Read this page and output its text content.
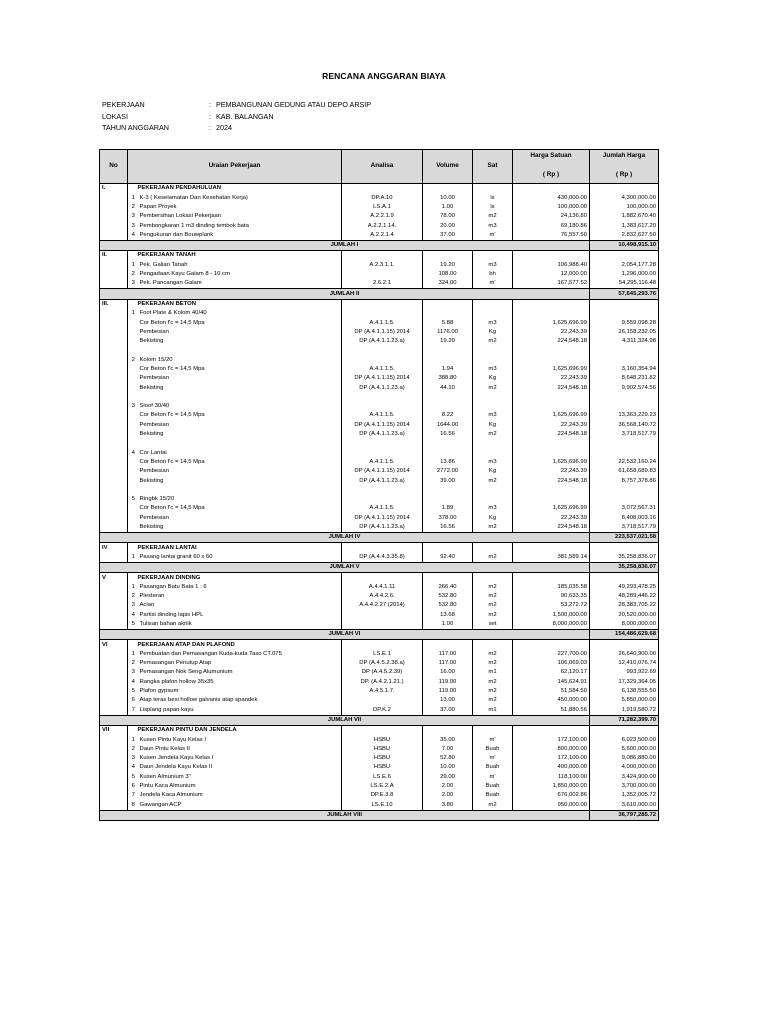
RENCANA ANGGARAN BIAYA
PEKERJAAN	: PEMBANGUNAN GEDUNG ATAU DEPO ARSIP
LOKASI	: KAB. BALANGAN
TAHUN ANGGARAN	: 2024
No	Uraian Pekerjaan		Analisa	Volume	Sat	Harga Satuan
( Rp )	Jumlah Harga
( Rp )

I.		PEKERJAAN PENDAHULUAN					
	1	K-3 ( Keselamatan Dan Kesehatan Kerja)	DP.A.10	10.00	ls	430,000.00	4,300,000.00
	2	Papan Proyek	LS.A.1	1.00	ls	100,000.00	100,000.00
	3	Pembersihan Lokasi Pekerjaan	A.2.2.1.9	78.00	m2	24,136.80	1,882,670.40
	3	Pembongkaran 1 m3 dinding tembok bata	A.2.2.1.14.	20.00	m3	69,180.86	1,383,617.20
	4	Pengukuran dan Bouwplank	A.2.2.1.4	37.00	m'	76,557.50	2,832,627.50
JUMLAH I							10,498,915.10
II.		PEKERJAAN TANAH					
	1	Pek. Galian Tanah	A.2.3.1.1.	19.20	m3	106,988.40	2,054,177.28
	2	Pengadaan Kayu Galam 8 - 10 cm		108.00	bh	12,000.00	1,296,000.00
	3	Pek. Pancangan Galam	2.6.2.1	324.00	m'	167,577.52	54,295,116.48
JUMLAH II							57,645,293.76
III.		PEKERJAAN BETON					
	1	Foot Plate & Kolom 40/40					
		Cor Beton f'c = 14,5 Mpa	A.4.1.1.5.	5.88	m3	1,625,696.99	9,559,098.28
		Pembesian	DP (A.4.1.1.15) 2014	1176.00	Kg	22,243.39	26,158,232.05
		Bekisting	DP (A.4.1.1.23.a)	19.20	m2	224,548.18	4,311,324.98

	2	Kolom 15/20					
		Cor Beton f'c = 14,5 Mpa	A.4.1.1.5.	1.94	m3	1,625,696.99	3,160,354.94
		Pembesian	DP (A.4.1.1.15) 2014	388.80	Kg	22,243.39	8,648,231.82
		Bekisting	DP (A.4.1.1.23.a)	44.10	m2	224,548.18	9,902,574.56

	3	Sloof 30/40					
		Cor Beton f'c = 14,5 Mpa	A.4.1.1.5.	8.22	m3	1,625,696.99	13,363,229.23
		Pembesian	DP (A.4.1.1.15) 2014	1644.00	Kg	22,243.39	36,568,140.72
		Bekisting	DP (A.4.1.1.23.a)	16.56	m2	224,548.18	3,718,517.79

	4	Cor Lantai					
		Cor Beton f'c = 14,5 Mpa	A.4.1.1.5.	13.86	m3	1,625,696.99	22,532,160.24
		Pembesian	DP (A.4.1.1.15) 2014	2772.00	Kg	22,243.39	61,658,689.83
		Bekisting	DP (A.4.1.1.23.a)	39.00	m2	224,548.18	8,757,378.86

	5	Ringbk 15/20					
		Cor Beton f'c = 14,5 Mpa	A.4.1.1.5.	1.89	m3	1,625,696.99	3,072,567.31
		Pembesian	DP (A.4.1.1.15) 2014	378.00	Kg	22,243.39	8,408,003.16
		Bekisting	DP (A.4.1.1.23.a)	16.56	m2	224,548.18	3,718,517.79
JUMLAH IV							223,537,021.58
IV		PEKERJAAN LANTAI					
	1	Pasang lantai granit 60 x 60	DP (A.4.4.3.35.8)	92.40	m2	381,589.14	35,258,836.07
JUMLAH V							35,258,836.07
V		PEKERJAAN DINDING					
	1	Pasangan Batu Bata 1 : 6	A.4.4.1.11	266.40	m2	185,035.58	49,293,478.25
	2	Plesteran	A.4.4.2.6.	532.80	m2	90,633.35	48,289,446.22
	3	Acian	A.4.4.2.27 (2014)	532.80	m2	53,272.72	28,383,705.22
	4	Partisi dinding lapis HPL		13.68	m2	1,500,000.00	20,520,000.00
	5	Tulisan bahan akriik		1.00	set	8,000,000.00	8,000,000.00
JUMLAH VI							154,486,629.68
VI		PEKERJAAN ATAP DAN PLAFOND					
	1	Pembuatan dan Pemasangan Kuda-kuda Taso CT.075	LS.E.1	117.00	m2	227,700.00	26,640,900.00
	2	Pemasangan Penutup Atap	DP (A.4.5.2.38.a)	117.00	m2	106,069.03	12,410,076.74
	3	Pemasangan Nok Seng Alumunium	DP (A.4.5.2.39)	16.00	m1	62,120.17	993,922.69
	4	Rangka plafon hollow 35x35	DP. (A.4.2.1.21.)	119.00	m2	145,624.91	17,329,364.05
	5	Plafon gypsum	A.4.5.1.7.	119.00	m2	51,584.50	6,138,555.50
	6	Atap teras besi hollow galvanis atap spandek		13.00	m2	450,000.00	5,850,000.00
	7	Lisplang papan kayu	DP.K.2	37.00	m1	51,880.56	1,919,580.72
JUMLAH VII							71,282,399.70
VII		PEKERJAAN PINTU DAN JENDELA					
	1	Kusen Pintu Kayu Kelas I	HSBU	35.00	m'	172,100.00	6,023,500.00
	2	Daun Pintu Kelas II	HSBU	7.00	Buah	800,000.00	5,600,000.00
	3	Kusen Jendela Kayu Kelas I	HSBU	52.80	m'	172,100.00	9,086,880.00
	4	Daun Jendela Kayu Kelas II	HSBU	10.00	Buah	400,000.00	4,000,000.00
	5	Kusen Almunium 3"	LS.E.6	29.00	m'	118,100.00	3,424,900.00
	6	Pintu Kaca Almunium	LS.E.2.A	2.00	Buah	1,850,000.00	3,700,000.00
	7	Jendela Kaca Almunium	DP.E.3.8	2.00	Buah	676,002.86	1,352,005.72
	8	Gawangan ACP	LS.E.10	3.80	m2	950,000.00	3,610,000.00
JUMLAH VIII							36,797,285.72
